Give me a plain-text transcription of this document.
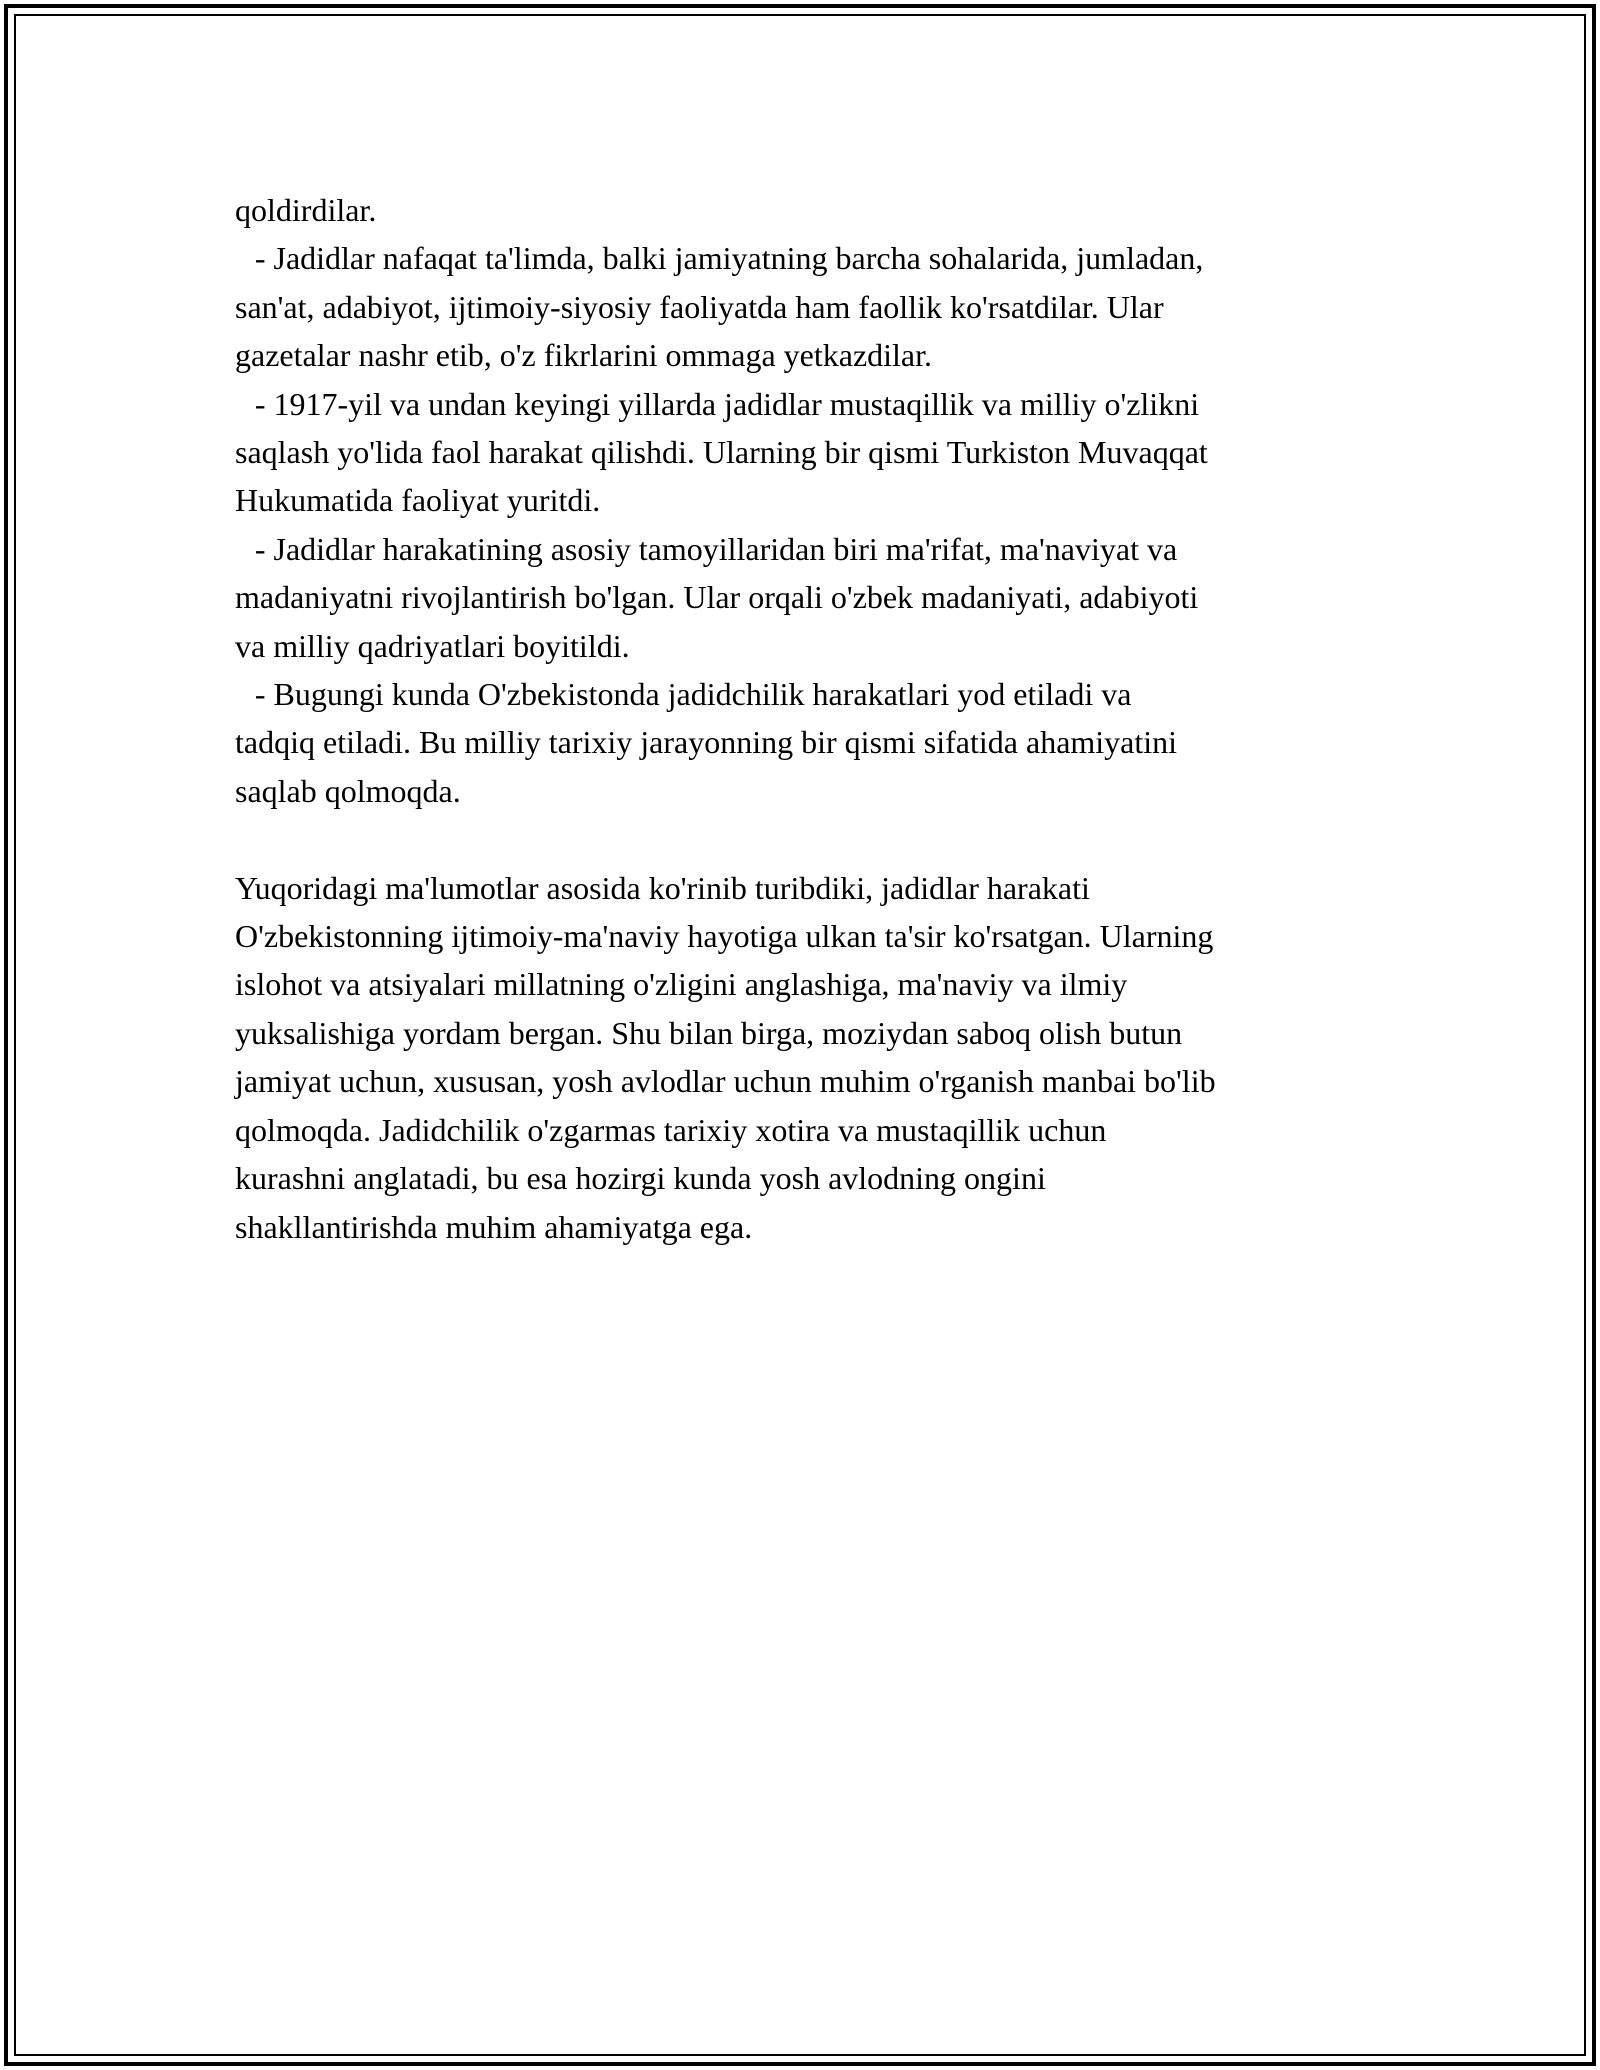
qoldirdilar.

- Jadidlar nafaqat ta'limda, balki jamiyatning barcha sohalarida, jumladan,

san'at, adabiyot, ijtimoiy-siyosiy faoliyatda ham faollik ko'rsatdilar. Ular

gazetalar nashr etib, o'z fikrlarini ommaga yetkazdilar.

- 1917-yil va undan keyingi yillarda jadidlar mustaqillik va milliy o'zlikni

saqlash yo'lida faol harakat qilishdi. Ularning bir qismi Turkiston Muvaqqat

Hukumatida faoliyat yuritdi.

- Jadidlar harakatining asosiy tamoyillaridan biri ma'rifat, ma'naviyat va

madaniyatni rivojlantirish bo'lgan. Ular orqali o'zbek madaniyati, adabiyoti

va milliy qadriyatlari boyitildi.

- Bugungi kunda O'zbekistonda jadidchilik harakatlari yod etiladi va

tadqiq etiladi. Bu milliy tarixiy jarayonning bir qismi sifatida ahamiyatini

saqlab qolmoqda.

Yuqoridagi ma'lumotlar asosida ko'rinib turibdiki, jadidlar harakati

O'zbekistonning ijtimoiy-ma'naviy hayotiga ulkan ta'sir ko'rsatgan. Ularning

islohot va atsiyalari millatning o'zligini anglashiga, ma'naviy va ilmiy

yuksalishiga yordam bergan. Shu bilan birga, moziydan saboq olish butun

jamiyat uchun, xususan, yosh avlodlar uchun muhim o'rganish manbai bo'lib

qolmoqda. Jadidchilik o'zgarmas tarixiy xotira va mustaqillik uchun

kurashni anglatadi, bu esa hozirgi kunda yosh avlodning ongini

shakllantirishda muhim ahamiyatga ega.
